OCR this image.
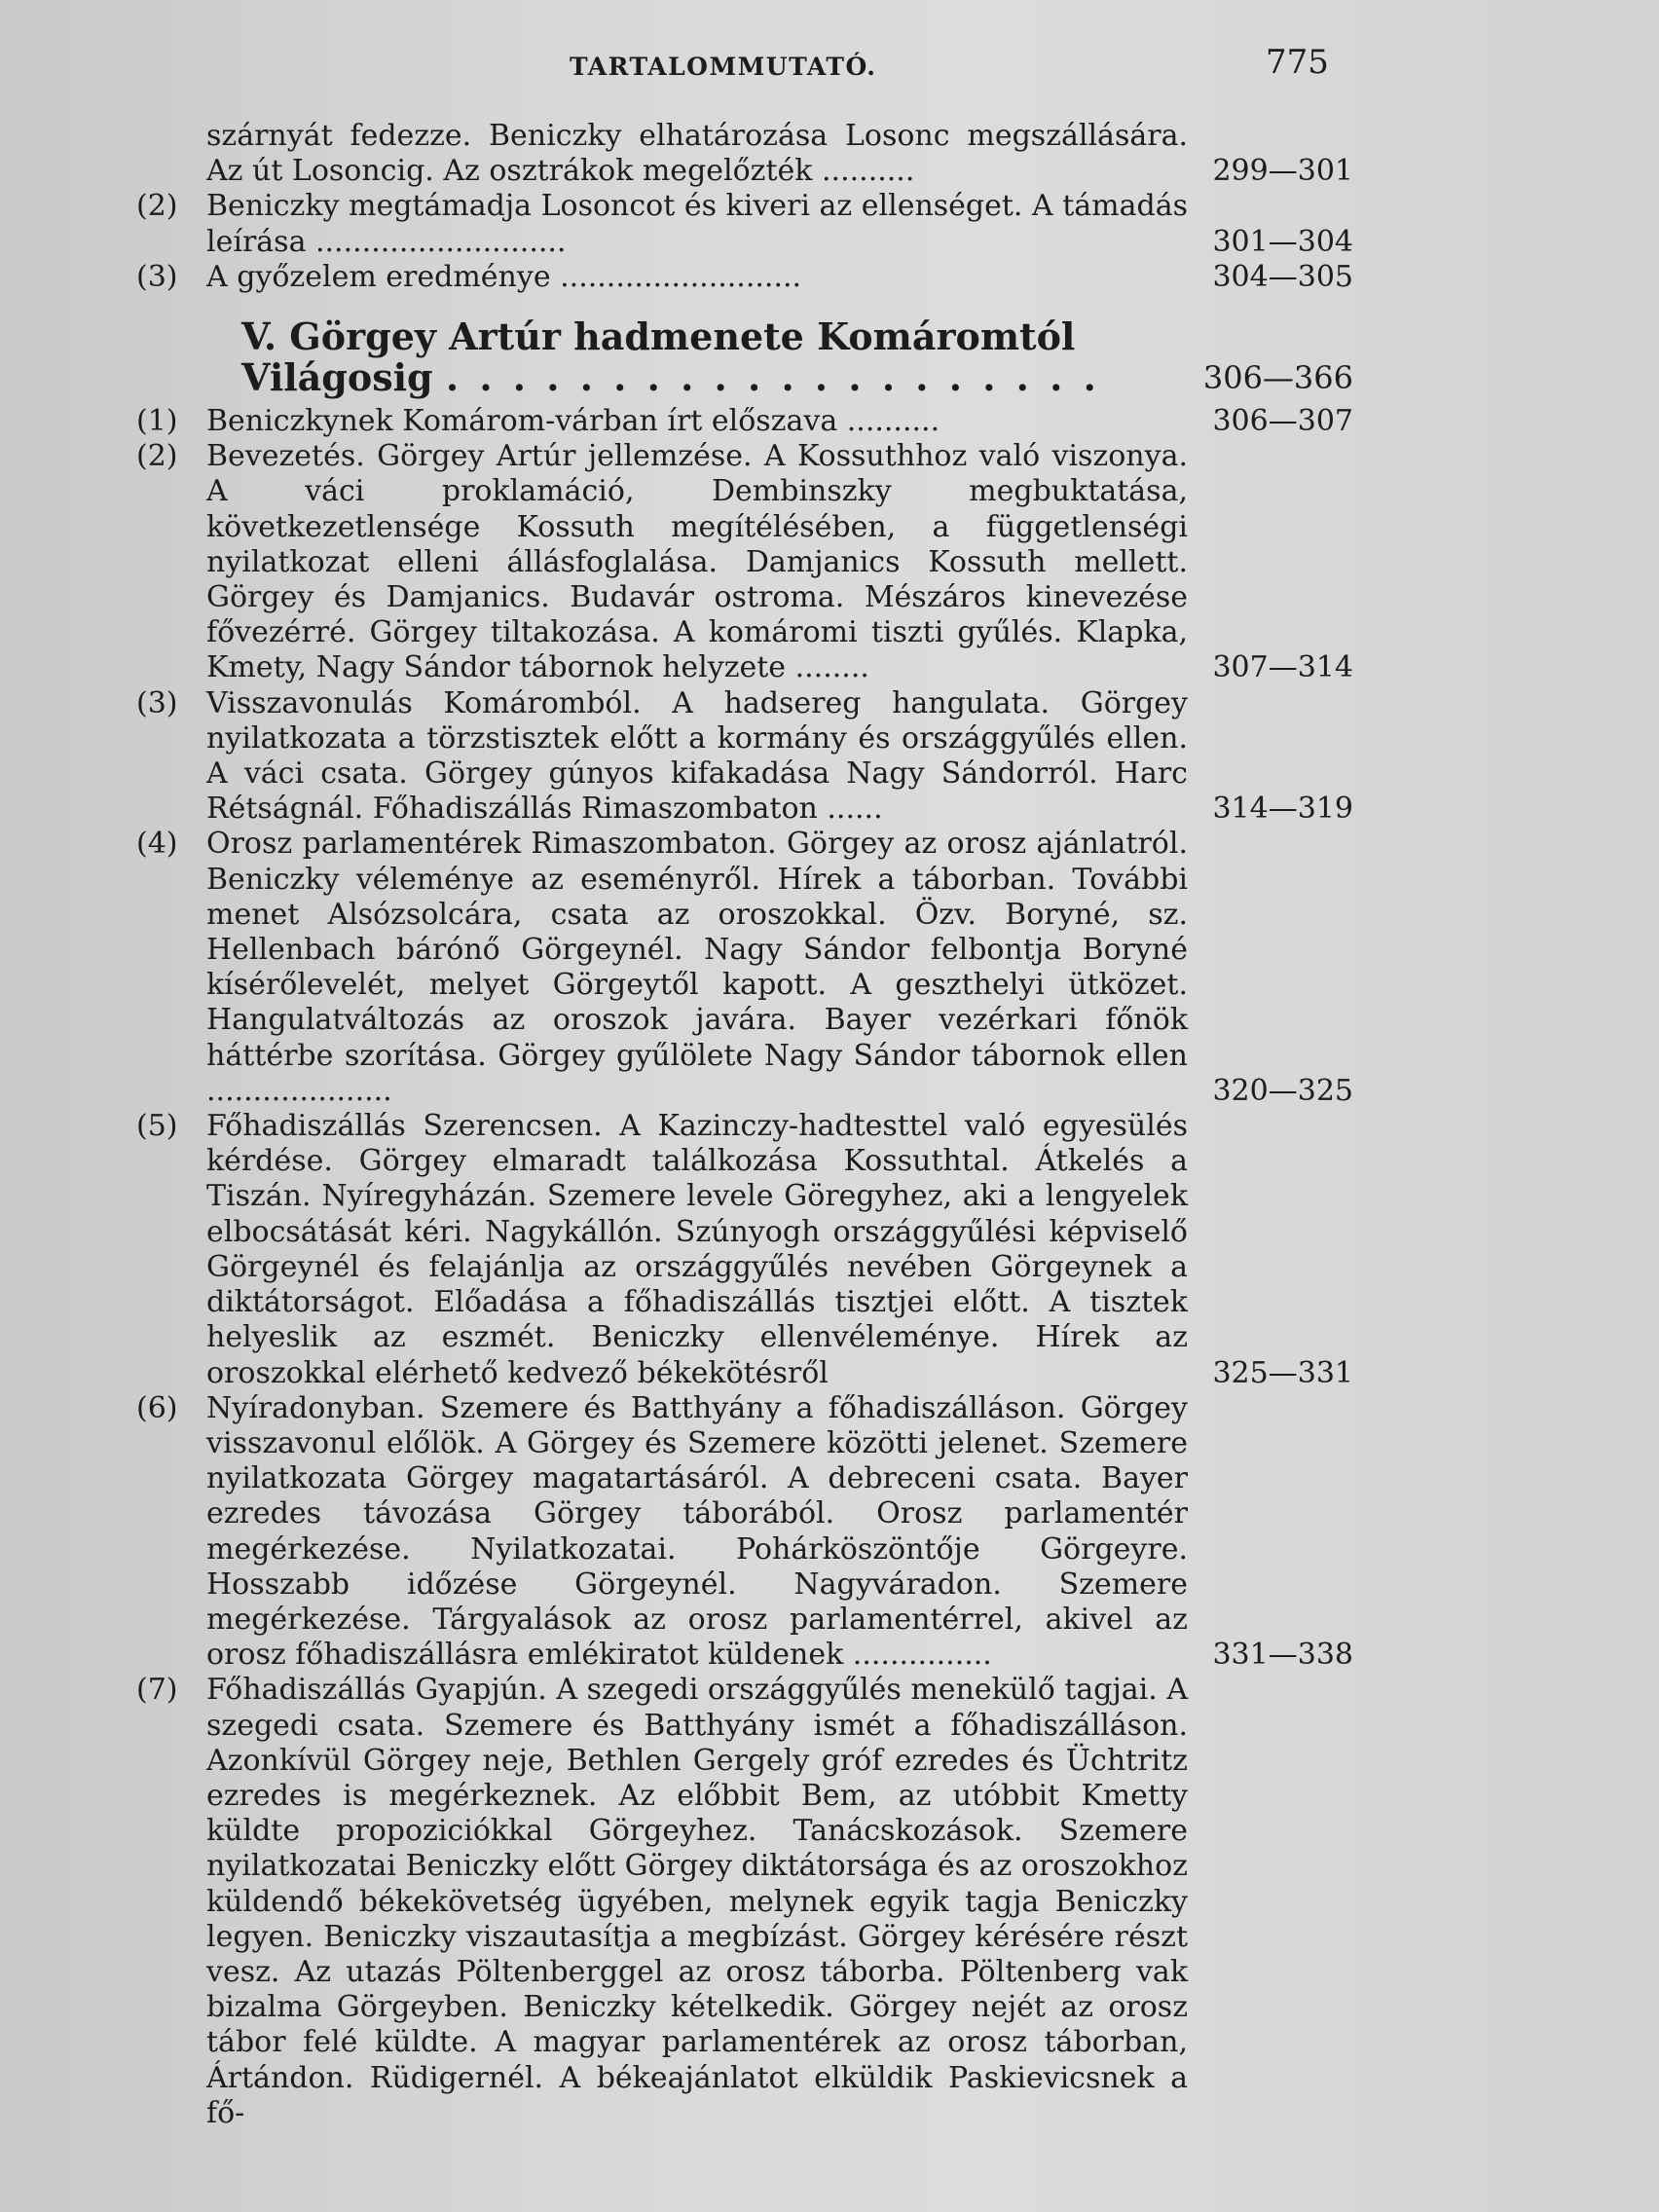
TARTALOMMUTATÓ.	775
szárnyát fedezze. Beniczky elhatározása Losonc megszállására. Az út Losoncig. Az osztrákok megelőzték ..........	299—301
(2) Beniczky megtámadja Losoncot és kiveri az ellenséget. A támadás leírása ...........................	301—304
(3) A győzelem eredménye ..........................	304—305
V. Görgey Artúr hadmenete Komáromtól Világosig . . . . . . . . . . . . . . . . . . . .	306—366
(1) Beniczkynek Komárom-várban írt előszava ..........	306—307
(2) Bevezetés. Görgey Artúr jellemzése. A Kossuthhoz való viszonya. A váci proklamáció, Dembinszky megbuktatása, következetlensége Kossuth megítélésében, a függetlenségi nyilatkozat elleni állásfoglalása. Damjanics Kossuth mellett. Görgey és Damjanics. Budavár ostroma. Mészáros kinevezése fővezérré. Görgey tiltakozása. A komáromi tiszti gyűlés. Klapka, Kmety, Nagy Sándor tábornok helyzete ........	307—314
(3) Visszavonulás Komáromból. A hadsereg hangulata. Görgey nyilatkozata a törzstisztek előtt a kormány és országgyűlés ellen. A váci csata. Görgey gúnyos kifakadása Nagy Sándorról. Harc Rétságnál. Főhadiszállás Rimaszombaton ......	314—319
(4) Orosz parlamentérek Rimaszombaton. Görgey az orosz ajánlatról. Beniczky véleménye az eseményről. Hírek a táborban. További menet Alsózsolcára, csata az oroszokkal. Özv. Boryné, sz. Hellenbach bárónő Görgeynél. Nagy Sándor felbontja Boryné kísérőlevelét, melyet Görgeytől kapott. A geszthelyi ütközet. Hangulatváltozás az oroszok javára. Bayer vezérkari főnök háttérbe szorítása. Görgey gyűlölete Nagy Sándor tábornok ellen ....................	320—325
(5) Főhadiszállás Szerencsen. A Kazinczy-hadtesttel való egyesülés kérdése. Görgey elmaradt találkozása Kossuthtal. Átkelés a Tiszán. Nyíregyházán. Szemere levele Göregyhez, aki a lengyelek elbocsátását kéri. Nagykállón. Szúnyogh országgyűlési képviselő Görgeynél és felajánlja az országgyűlés nevében Görgeynek a diktátorságot. Előadása a főhadiszállás tisztjei előtt. A tisztek helyeslik az eszmét. Beniczky ellenvéleménye. Hírek az oroszokkal elérhető kedvező békekötésről	325—331
(6) Nyíradonyban. Szemere és Batthyány a főhadiszálláson. Görgey visszavonul előlök. A Görgey és Szemere közötti jelenet. Szemere nyilatkozata Görgey magatartásáról. A debreceni csata. Bayer ezredes távozása Görgey táborából. Orosz parlamentér megérkezése. Nyilatkozatai. Pohárköszöntője Görgeyre. Hosszabb időzése Görgeynél. Nagyváradon. Szemere megérkezése. Tárgyalások az orosz parlamentérrel, akivel az orosz főhadiszállásra emlékiratot küldenek ...............	331—338
(7) Főhadiszállás Gyapjún. A szegedi országgyűlés menekülő tagjai. A szegedi csata. Szemere és Batthyány ismét a főhadiszálláson. Azonkívül Görgey neje, Bethlen Gergely gróf ezredes és Üchtritz ezredes is megérkeznek. Az előbbit Bem, az utóbbit Kmetty küldte propoziciókkal Görgeyhez. Tanácskozások. Szemere nyilatkozatai Beniczky előtt Görgey diktátorsága és az oroszokhoz küldendő békekövetség ügyében, melynek egyik tagja Beniczky legyen. Beniczky viszautasítja a megbízást. Görgey kérésére részt vesz. Az utazás Pöltenberggel az orosz táborba. Pöltenberg vak bizalma Görgeyben. Beniczky kételkedik. Görgey nejét az orosz tábor felé küldte. A magyar parlamentérek az orosz táborban, Ártándon. Rüdigernél. A békeajánlatot elküldik Paskievicsnek a fő-
